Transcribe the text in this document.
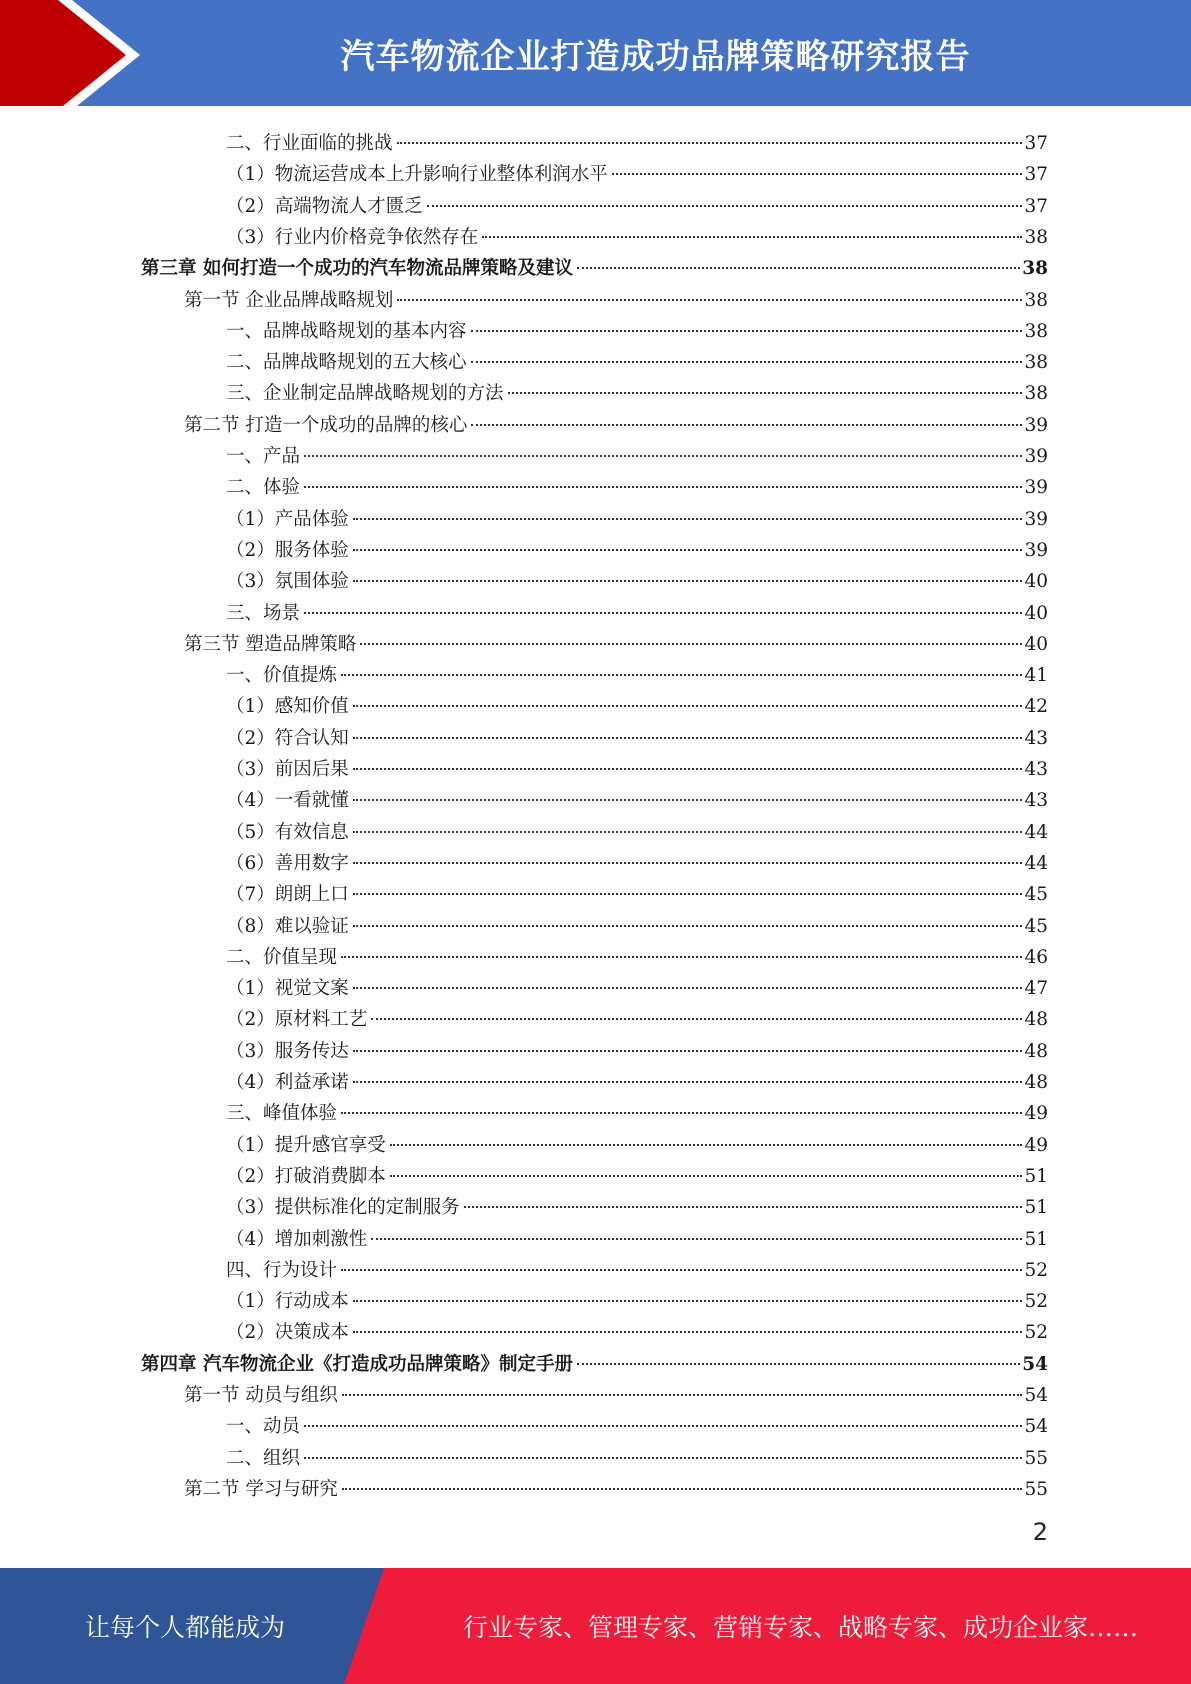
汽车物流企业打造成功品牌策略研究报告
二、行业面临的挑战	37
（1）物流运营成本上升影响行业整体利润水平	37
（2）高端物流人才匮乏	37
（3）行业内价格竞争依然存在	38
第三章 如何打造一个成功的汽车物流品牌策略及建议	38
第一节 企业品牌战略规划	38
一、品牌战略规划的基本内容	38
二、品牌战略规划的五大核心	38
三、企业制定品牌战略规划的方法	38
第二节 打造一个成功的品牌的核心	39
一、产品	39
二、体验	39
（1）产品体验	39
（2）服务体验	39
（3）氛围体验	40
三、场景	40
第三节 塑造品牌策略	40
一、价值提炼	41
（1）感知价值	42
（2）符合认知	43
（3）前因后果	43
（4）一看就懂	43
（5）有效信息	44
（6）善用数字	44
（7）朗朗上口	45
（8）难以验证	45
二、价值呈现	46
（1）视觉文案	47
（2）原材料工艺	48
（3）服务传达	48
（4）利益承诺	48
三、峰值体验	49
（1）提升感官享受	49
（2）打破消费脚本	51
（3）提供标准化的定制服务	51
（4）增加刺激性	51
四、行为设计	52
（1）行动成本	52
（2）决策成本	52
第四章 汽车物流企业《打造成功品牌策略》制定手册	54
第一节 动员与组织	54
一、动员	54
二、组织	55
第二节 学习与研究	55
2
让每个人都能成为	行业专家、管理专家、营销专家、战略专家、成功企业家……
